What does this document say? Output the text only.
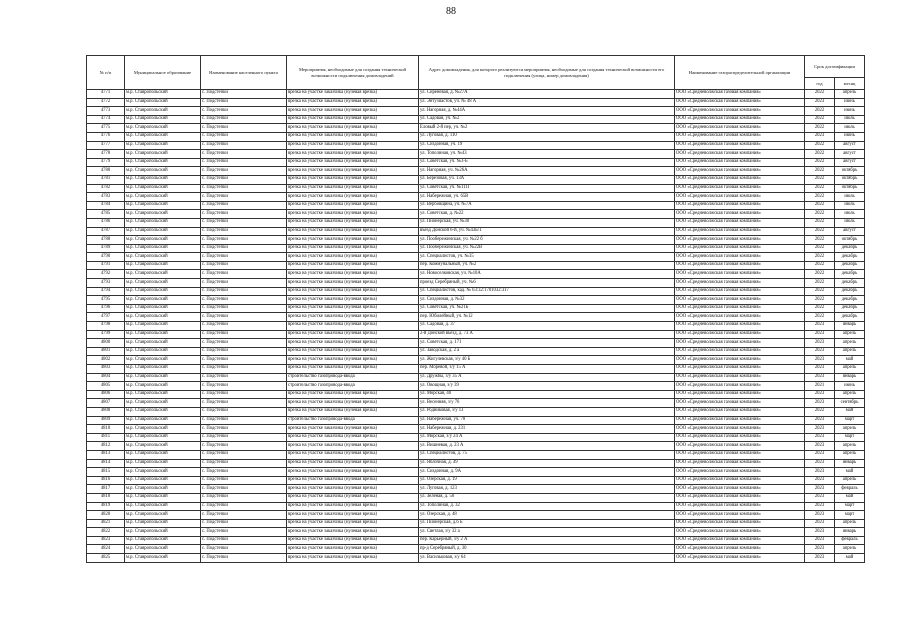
88
№ п/п	Муниципальное образование	Наименование населенного пункта	Мероприятия, необходимые для создания технической возможности подключения домовладений	Адрес домовладения, для которого реализуются мероприятия, необходимые для создания технической возможности его подключения (улица, номер домовладения)	Наименование газораспределительной организации	Срок догазификации	
						год	месяц
4771	м.р. Ставропольский	с. Подстепки	врезка на участке заказчика (нулевая врезка)	ул. Сиреневая, д. №27А	ООО «Средневолжская газовая компания»	2022	апрель
4772	м.р. Ставропольский	с. Подстепки	врезка на участке заказчика (нулевая врезка)	ул. Энтузиастов, уч. № 48 А	ООО «Средневолжская газовая компания»	2023	июнь
4773	м.р. Ставропольский	с. Подстепки	врезка на участке заказчика (нулевая врезка)	ул. Нагорная, д. №44А	ООО «Средневолжская газовая компания»	2022	июнь
4774	м.р. Ставропольский	с. Подстепки	врезка на участке заказчика (нулевая врезка)	ул. Садовая, уч. №2	ООО «Средневолжская газовая компания»	2022	июль
4775	м.р. Ставропольский	с. Подстепки	врезка на участке заказчика (нулевая врезка)	Еловый 2-й пер, уч. №2	ООО «Средневолжская газовая компания»	2022	июль
4776	м.р. Ставропольский	с. Подстепки	врезка на участке заказчика (нулевая врезка)	ул. Луговая, д. 110	ООО «Средневолжская газовая компания»	2023	июнь
4777	м.р. Ставропольский	с. Подстепки	врезка на участке заказчика (нулевая врезка)	ул. Сиздонная, уч. 19	ООО «Средневолжская газовая компания»	2022	август
4778	м.р. Ставропольский	с. Подстепки	врезка на участке заказчика (нулевая врезка)	ул. Тополиная, уч. №43	ООО «Средневолжская газовая компания»	2022	август
4779	м.р. Ставропольский	с. Подстепки	врезка на участке заказчика (нулевая врезка)	ул. Советская, уч. №3-Б	ООО «Средневолжская газовая компания»	2022	август
4780	м.р. Ставропольский	с. Подстепки	врезка на участке заказчика (нулевая врезка)	ул. Нагорная, уч. №26А	ООО «Средневолжская газовая компания»	2022	октябрь
4781	м.р. Ставропольский	с. Подстепки	врезка на участке заказчика (нулевая врезка)	ул. Березовая, уч. 13А	ООО «Средневолжская газовая компания»	2022	октябрь
4782	м.р. Ставропольский	с. Подстепки	врезка на участке заказчика (нулевая врезка)	ул. Советская, уч. №111Г	ООО «Средневолжская газовая компания»	2022	октябрь
4783	м.р. Ставропольский	с. Подстепки	врезка на участке заказчика (нулевая врезка)	ул. Набережная, уч. 65В	ООО «Средневолжская газовая компания»	2022	июль
4784	м.р. Ставропольский	с. Подстепки	врезка на участке заказчика (нулевая врезка)	ул. Вербовщина, уч. №7А	ООО «Средневолжская газовая компания»	2022	июль
4785	м.р. Ставропольский	с. Подстепки	врезка на участке заказчика (нулевая врезка)	ул. Советская, д. №22	ООО «Средневолжская газовая компания»	2022	июль
4786	м.р. Ставропольский	с. Подстепки	врезка на участке заказчика (нулевая врезка)	ул. Пионерская, уч. №30	ООО «Средневолжская газовая компания»	2022	июль
4787	м.р. Ставропольский	с. Подстепки	врезка на участке заказчика (нулевая врезка)	въезд Донской 6-й, уч. №43Б/1	ООО «Средневолжская газовая компания»	2022	август
4788	м.р. Ставропольский	с. Подстепки	врезка на участке заказчика (нулевая врезка)	ул. Пообережинская, уч. №22 б	ООО «Средневолжская газовая компания»	2022	октябрь
4789	м.р. Ставропольский	с. Подстепки	врезка на участке заказчика (нулевая врезка)	ул. Пообережинская, уч. №22В	ООО «Средневолжская газовая компания»	2022	декабрь
4790	м.р. Ставропольский	с. Подстепки	врезка на участке заказчика (нулевая врезка)	ул. Специалистов, уч. №35	ООО «Средневолжская газовая компания»	2022	декабрь
4791	м.р. Ставропольский	с. Подстепки	врезка на участке заказчика (нулевая врезка)	пер. Коммунальный, уч. №2	ООО «Средневолжская газовая компания»	2022	декабрь
4792	м.р. Ставропольский	с. Подстепки	врезка на участке заказчика (нулевая врезка)	ул. Новоселковская, уч. №10А	ООО «Средневолжская газовая компания»	2022	декабрь
4793	м.р. Ставропольский	с. Подстепки	врезка на участке заказчика (нулевая врезка)	проезд Серебряный, уч. №6	ООО «Средневолжская газовая компания»	2022	декабрь
4794	м.р. Ставропольский	с. Подстепки	врезка на участке заказчика (нулевая врезка)	ул. Специалистов, кад. № 63:32:1701032:317	ООО «Средневолжская газовая компания»	2022	декабрь
4795	м.р. Ставропольский	с. Подстепки	врезка на участке заказчика (нулевая врезка)	ул. Сиздонная, д. №32	ООО «Средневолжская газовая компания»	2022	декабрь
4796	м.р. Ставропольский	с. Подстепки	врезка на участке заказчика (нулевая врезка)	ул. Советская, уч. №21Б	ООО «Средневолжская газовая компания»	2022	декабрь
4797	м.р. Ставропольский	с. Подстепки	врезка на участке заказчика (нулевая врезка)	пер. Юбилейный, уч. №12	ООО «Средневолжская газовая компания»	2022	декабрь
4798	м.р. Ставропольский	с. Подстепки	врезка на участке заказчика (нулевая врезка)	ул. Садовая, д. 37	ООО «Средневолжская газовая компания»	2023	январь
4799	м.р. Ставропольский	с. Подстепки	врезка на участке заказчика (нулевая врезка)	2-й Донской въезд, д. 73 А	ООО «Средневолжская газовая компания»	2023	апрель
4800	м.р. Ставропольский	с. Подстепки	врезка на участке заказчика (нулевая врезка)	ул. Советская, д. 171	ООО «Средневолжская газовая компания»	2023	апрель
4801	м.р. Ставропольский	с. Подстепки	врезка на участке заказчика (нулевая врезка)	ул. Заводская, д. 2 а	ООО «Средневолжская газовая компания»	2023	апрель
4802	м.р. Ставропольский	с. Подстепки	врезка на участке заказчика (нулевая врезка)	ул. Жигулевская, з/у 40 Б	ООО «Средневолжская газовая компания»	2023	май
4803	м.р. Ставропольский	с. Подстепки	врезка на участке заказчика (нулевая врезка)	пер. Моревой, з/у 15 А	ООО «Средневолжская газовая компания»	2023	апрель
4804	м.р. Ставропольский	с. Подстепки	строительство газопровода-ввода	ул. Дружбы, з/у 35 А	ООО «Средневолжская газовая компания»	2023	январь
4805	м.р. Ставропольский	с. Подстепки	строительство газопровода-ввода	ул. Овощная, з/у 39	ООО «Средневолжская газовая компания»	2021	июнь
4806	м.р. Ставропольский	с. Подстепки	врезка на участке заказчика (нулевая врезка)	ул. Морская, 40	ООО «Средневолжская газовая компания»	2023	апрель
4807	м.р. Ставропольский	с. Подстепки	врезка на участке заказчика (нулевая врезка)	ул. Весенняя, з/у 76	ООО «Средневолжская газовая компания»	2023	сентябрь
4808	м.р. Ставропольский	с. Подстепки	врезка на участке заказчика (нулевая врезка)	ул. Родниковая, з/у 13	ООО «Средневолжская газовая компания»	2022	май
4809	м.р. Ставропольский	с. Подстепки	строительство газопровода-ввода	ул. Набережная, уч. 78	ООО «Средневолжская газовая компания»	2023	март
4810	м.р. Ставропольский	с. Подстепки	врезка на участке заказчика (нулевая врезка)	ул. Набережная, д. 231	ООО «Средневолжская газовая компания»	2023	апрель
4811	м.р. Ставропольский	с. Подстепки	врезка на участке заказчика (нулевая врезка)	ул. Морская, з/у 24 А	ООО «Средневолжская газовая компания»	2023	март
4812	м.р. Ставропольский	с. Подстепки	врезка на участке заказчика (нулевая врезка)	ул. Вишневая, д. 23 А	ООО «Средневолжская газовая компания»	2023	апрель
4813	м.р. Ставропольский	с. Подстепки	врезка на участке заказчика (нулевая врезка)	ул. Специалистов, д. 75	ООО «Средневолжская газовая компания»	2023	апрель
4814	м.р. Ставропольский	с. Подстепки	врезка на участке заказчика (нулевая врезка)	ул. Яблочная, д. 49	ООО «Средневолжская газовая компания»	2023	январь
4815	м.р. Ставропольский	с. Подстепки	врезка на участке заказчика (нулевая врезка)	ул. Сиздонная, д. 9А	ООО «Средневолжская газовая компания»	2023	май
4816	м.р. Ставропольский	с. Подстепки	врезка на участке заказчика (нулевая врезка)	ул. Озерская, д. 19	ООО «Средневолжская газовая компания»	2023	апрель
4817	м.р. Ставропольский	с. Подстепки	врезка на участке заказчика (нулевая врезка)	ул. Луговая, д. 123	ООО «Средневолжская газовая компания»	2023	февраль
4818	м.р. Ставропольский	с. Подстепки	врезка на участке заказчика (нулевая врезка)	ул. Зеленая, д. 50	ООО «Средневолжская газовая компания»	2023	май
4819	м.р. Ставропольский	с. Подстепки	врезка на участке заказчика (нулевая врезка)	ул. Тополиная, д. 32	ООО «Средневолжская газовая компания»	2023	март
4820	м.р. Ставропольский	с. Подстепки	врезка на участке заказчика (нулевая врезка)	ул. Озерская, д. 48	ООО «Средневолжская газовая компания»	2023	март
4821	м.р. Ставропольский	с. Подстепки	врезка на участке заказчика (нулевая врезка)	ул. Пионерская, д.6 Б	ООО «Средневолжская газовая компания»	2023	апрель
4822	м.р. Ставропольский	с. Подстепки	врезка на участке заказчика (нулевая врезка)	ул. Светлая, з/у 32 а	ООО «Средневолжская газовая компания»	2023	январь
4823	м.р. Ставропольский	с. Подстепки	врезка на участке заказчика (нулевая врезка)	пер. Карьерный, з/у 2 А	ООО «Средневолжская газовая компания»	2023	февраль
4824	м.р. Ставропольский	с. Подстепки	врезка на участке заказчика (нулевая врезка)	пр-д Серебряный, д. 30	ООО «Средневолжская газовая компания»	2023	апрель
4825	м.р. Ставропольский	с. Подстепки	врезка на участке заказчика (нулевая врезка)	ул. Васильковая, з/у 64	ООО «Средневолжская газовая компания»	2023	май
